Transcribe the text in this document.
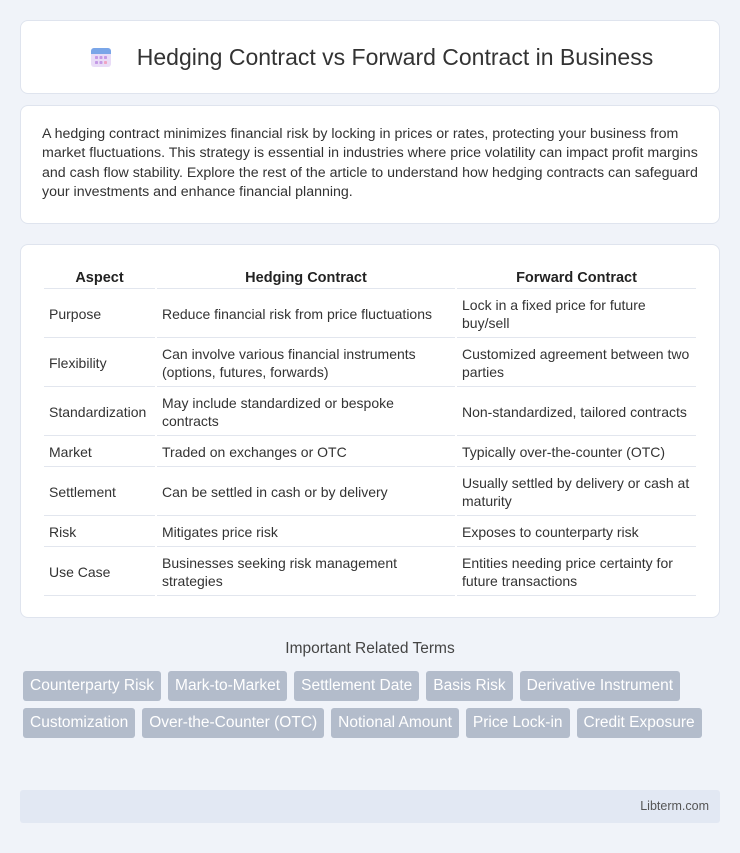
Hedging Contract vs Forward Contract in Business

A hedging contract minimizes financial risk by locking in prices or rates, protecting your business from market fluctuations. This strategy is essential in industries where price volatility can impact profit margins and cash flow stability. Explore the rest of the article to understand how hedging contracts can safeguard your investments and enhance financial planning.

Aspect	Hedging Contract	Forward Contract
Purpose	Reduce financial risk from price fluctuations	Lock in a fixed price for future buy/sell
Flexibility	Can involve various financial instruments (options, futures, forwards)	Customized agreement between two parties
Standardization	May include standardized or bespoke contracts	Non-standardized, tailored contracts
Market	Traded on exchanges or OTC	Typically over-the-counter (OTC)
Settlement	Can be settled in cash or by delivery	Usually settled by delivery or cash at maturity
Risk	Mitigates price risk	Exposes to counterparty risk
Use Case	Businesses seeking risk management strategies	Entities needing price certainty for future transactions
Important Related Terms
Counterparty Risk	Mark-to-Market	Settlement Date	Basis Risk	Derivative Instrument
Customization	Over-the-Counter (OTC)	Notional Amount	Price Lock-in	Credit Exposure
Libterm.com
